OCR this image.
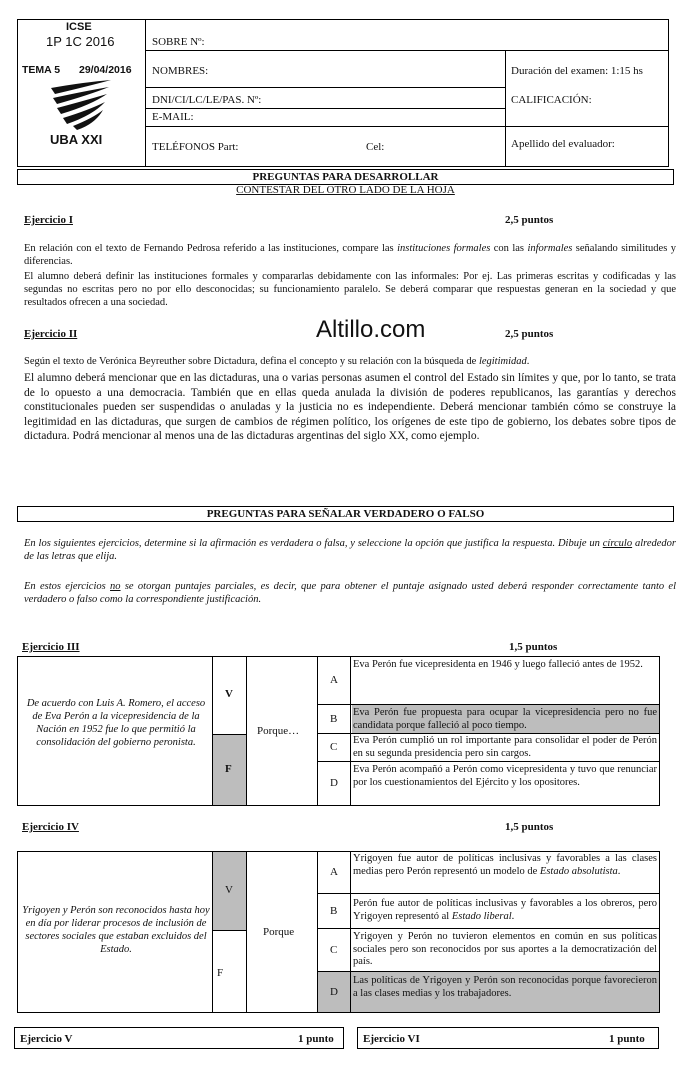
ICSE
1P 1C 2016
TEMA 5 29/04/2016
UBA XXI
SOBRE Nº:
NOMBRES:
DNI/CI/LC/LE/PAS. Nº:
E-MAIL:
TELÉFONOS Part:	Cel:
Duración del examen: 1:15 hs
CALIFICACIÓN:
Apellido del evaluador:
PREGUNTAS PARA DESARROLLAR
CONTESTAR DEL OTRO LADO DE LA HOJA
Ejercicio I	2,5 puntos
En relación con el texto de Fernando Pedrosa referido a las instituciones, compare las instituciones formales con las informales señalando similitudes y diferencias.
El alumno deberá definir las instituciones formales y compararlas debidamente con las informales: Por ej. Las primeras escritas y codificadas y las segundas no escritas pero no por ello desconocidas; su funcionamiento paralelo. Se deberá comparar que respuestas generan en la sociedad y que resultados ofrecen a una sociedad.
Ejercicio II	Altillo.com	2,5 puntos
Según el texto de Verónica Beyreuther sobre Dictadura, defina el concepto y su relación con la búsqueda de legitimidad.
El alumno deberá mencionar que en las dictaduras, una o varias personas asumen el control del Estado sin límites y que, por lo tanto, se trata de lo opuesto a una democracia. También que en ellas queda anulada la división de poderes republicanos, las garantías y derechos constitucionales pueden ser suspendidas o anuladas y la justicia no es independiente. Deberá mencionar también cómo se construye la legitimidad en las dictaduras, que surgen de cambios de régimen político, los orígenes de este tipo de gobierno, los debates sobre tipos de dictadura. Podrá mencionar al menos una de las dictaduras argentinas del siglo XX, como ejemplo.
PREGUNTAS PARA SEÑALAR VERDADERO O FALSO
En los siguientes ejercicios, determine si la afirmación es verdadera o falsa, y seleccione la opción que justifica la respuesta. Dibuje un círculo alrededor de las letras que elija.
En estos ejercicios no se otorgan puntajes parciales, es decir, que para obtener el puntaje asignado usted deberá responder correctamente tanto el verdadero o falso como la correspondiente justificación.
Ejercicio III	1,5 puntos
De acuerdo con Luis A. Romero, el acceso de Eva Perón a la vicepresidencia de la Nación en 1952 fue lo que permitió la consolidación del gobierno peronista.
V
F
Porque…
A
Eva Perón fue vicepresidenta en 1946 y luego falleció antes de 1952.
B
Eva Perón fue propuesta para ocupar la vicepresidencia pero no fue candidata porque falleció al poco tiempo.
C
Eva Perón cumplió un rol importante para consolidar el poder de Perón en su segunda presidencia pero sin cargos.
D
Eva Perón acompañó a Perón como vicepresidenta y tuvo que renunciar por los cuestionamientos del Ejército y los opositores.
Ejercicio IV	1,5 puntos
Yrigoyen y Perón son reconocidos hasta hoy en día por liderar procesos de inclusión de sectores sociales que estaban excluidos del Estado.
V
F
Porque
A
Yrigoyen fue autor de políticas inclusivas y favorables a las clases medias pero Perón representó un modelo de Estado absolutista.
B
Perón fue autor de políticas inclusivas y favorables a los obreros, pero Yrigoyen representó al Estado liberal.
C
Yrigoyen y Perón no tuvieron elementos en común en sus políticas sociales pero son reconocidos por sus aportes a la democratización del país.
D
Las políticas de Yrigoyen y Perón son reconocidas porque favorecieron a las clases medias y los trabajadores.
Ejercicio V	1 punto	Ejercicio VI	1 punto
